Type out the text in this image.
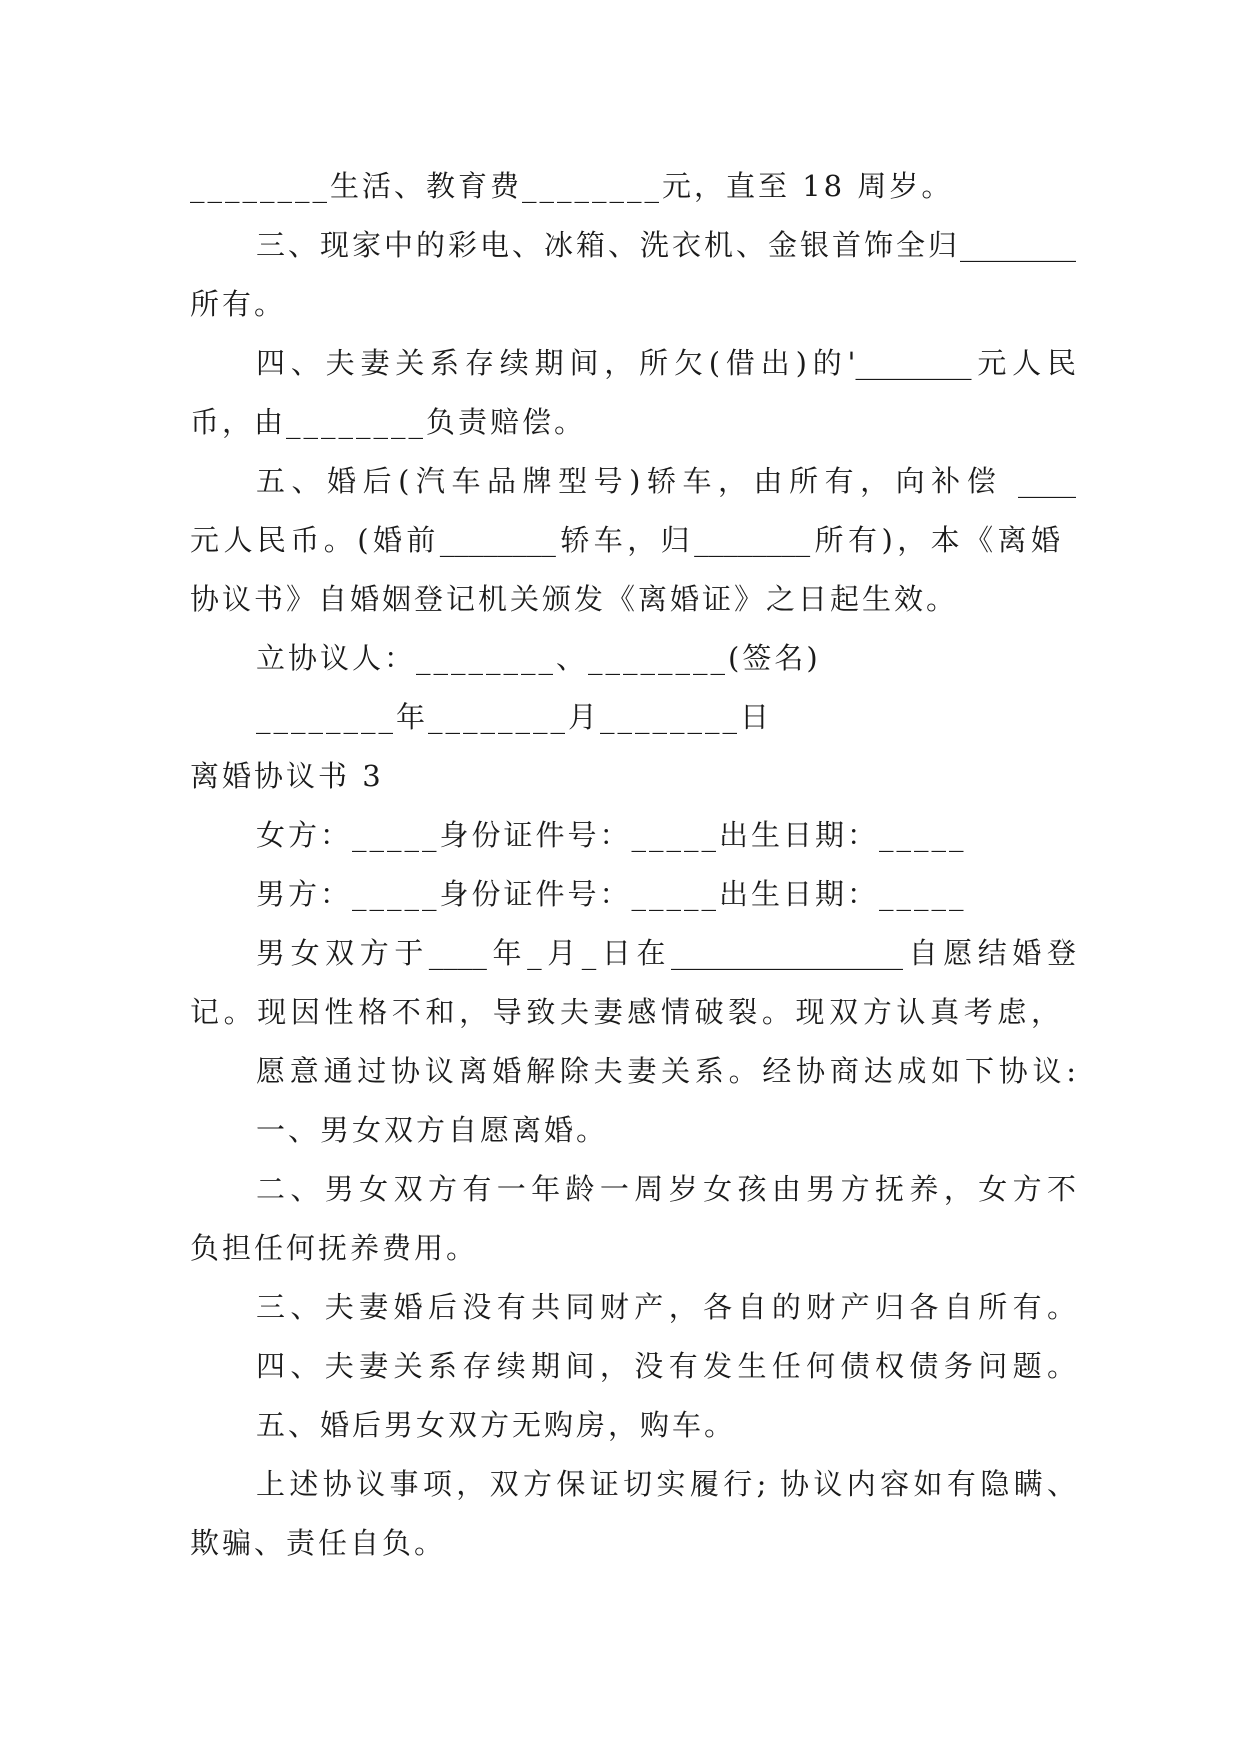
________生活、教育费________元，直至 18 周岁。
三、现家中的彩电、冰箱、洗衣机、金银首饰全归________
所有。
四、夫妻关系存续期间，所欠(借出)的'________元人民
币，由________负责赔偿。
五、婚后(汽车品牌型号)轿车，由所有，向补偿 ____
元人民币。(婚前________轿车，归________所有)，本《离婚
协议书》自婚姻登记机关颁发《离婚证》之日起生效。
立协议人：________、________(签名)
________年________月________日
离婚协议书 3
女方：_____身份证件号：_____出生日期：_____
男方：_____身份证件号：_____出生日期：_____
男女双方于____年_月_日在________________自愿结婚登
记。现因性格不和，导致夫妻感情破裂。现双方认真考虑，
愿意通过协议离婚解除夫妻关系。经协商达成如下协议:
一、男女双方自愿离婚。
二、男女双方有一年龄一周岁女孩由男方抚养，女方不
负担任何抚养费用。
三、夫妻婚后没有共同财产，各自的财产归各自所有。
四、夫妻关系存续期间，没有发生任何债权债务问题。
五、婚后男女双方无购房，购车。
上述协议事项，双方保证切实履行; 协议内容如有隐瞒、
欺骗、责任自负。
